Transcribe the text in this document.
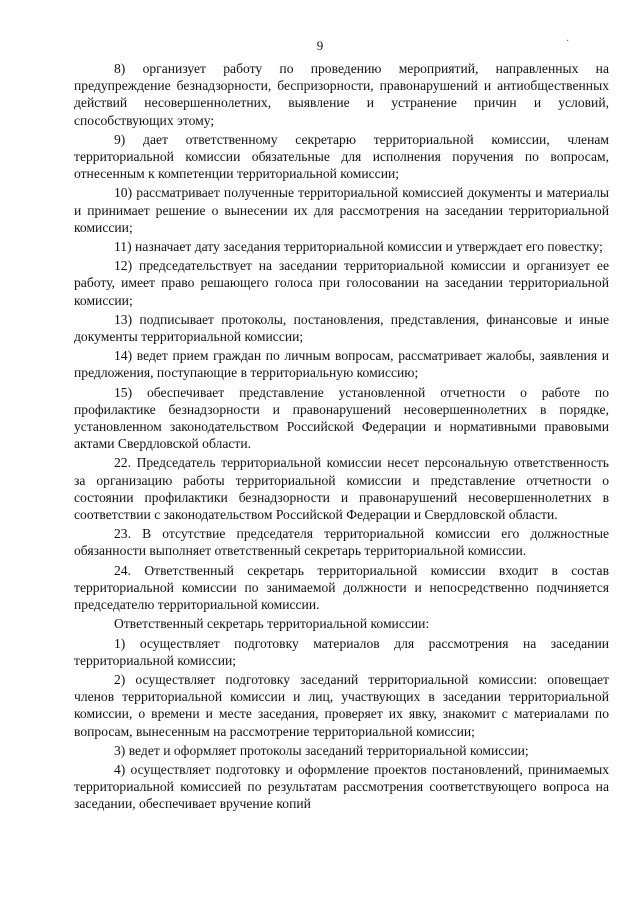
9	·

8) организует работу по проведению мероприятий, направленных на предупреждение безнадзорности, беспризорности, правонарушений и антиобщественных действий несовершеннолетних, выявление и устранение причин и условий, способствующих этому;

9) дает ответственному секретарю территориальной комиссии, членам территориальной комиссии обязательные для исполнения поручения по вопросам, отнесенным к компетенции территориальной комиссии;

10) рассматривает полученные территориальной комиссией документы и материалы и принимает решение о вынесении их для рассмотрения на заседании территориальной комиссии;

11) назначает дату заседания территориальной комиссии и утверждает его повестку;

12) председательствует на заседании территориальной комиссии и организует ее работу, имеет право решающего голоса при голосовании на заседании территориальной комиссии;

13) подписывает протоколы, постановления, представления, финансовые и иные документы территориальной комиссии;

14) ведет прием граждан по личным вопросам, рассматривает жалобы, заявления и предложения, поступающие в территориальную комиссию;

15) обеспечивает представление установленной отчетности о работе по профилактике безнадзорности и правонарушений несовершеннолетних в порядке, установленном законодательством Российской Федерации и нормативными правовыми актами Свердловской области.

22. Председатель территориальной комиссии несет персональную ответственность за организацию работы территориальной комиссии и представление отчетности о состоянии профилактики безнадзорности и правонарушений несовершеннолетних в соответствии с законодательством Российской Федерации и Свердловской области.

23. В отсутствие председателя территориальной комиссии его должностные обязанности выполняет ответственный секретарь территориальной комиссии.

24. Ответственный секретарь территориальной комиссии входит в состав территориальной комиссии по занимаемой должности и непосредственно подчиняется председателю территориальной комиссии.

Ответственный секретарь территориальной комиссии:

1) осуществляет подготовку материалов для рассмотрения на заседании территориальной комиссии;

2) осуществляет подготовку заседаний территориальной комиссии: оповещает членов территориальной комиссии и лиц, участвующих в заседании территориальной комиссии, о времени и месте заседания, проверяет их явку, знакомит с материалами по вопросам, вынесенным на рассмотрение территориальной комиссии;

3) ведет и оформляет протоколы заседаний территориальной комиссии;

4) осуществляет подготовку и оформление проектов постановлений, принимаемых территориальной комиссией по результатам рассмотрения соответствующего вопроса на заседании, обеспечивает вручение копий
